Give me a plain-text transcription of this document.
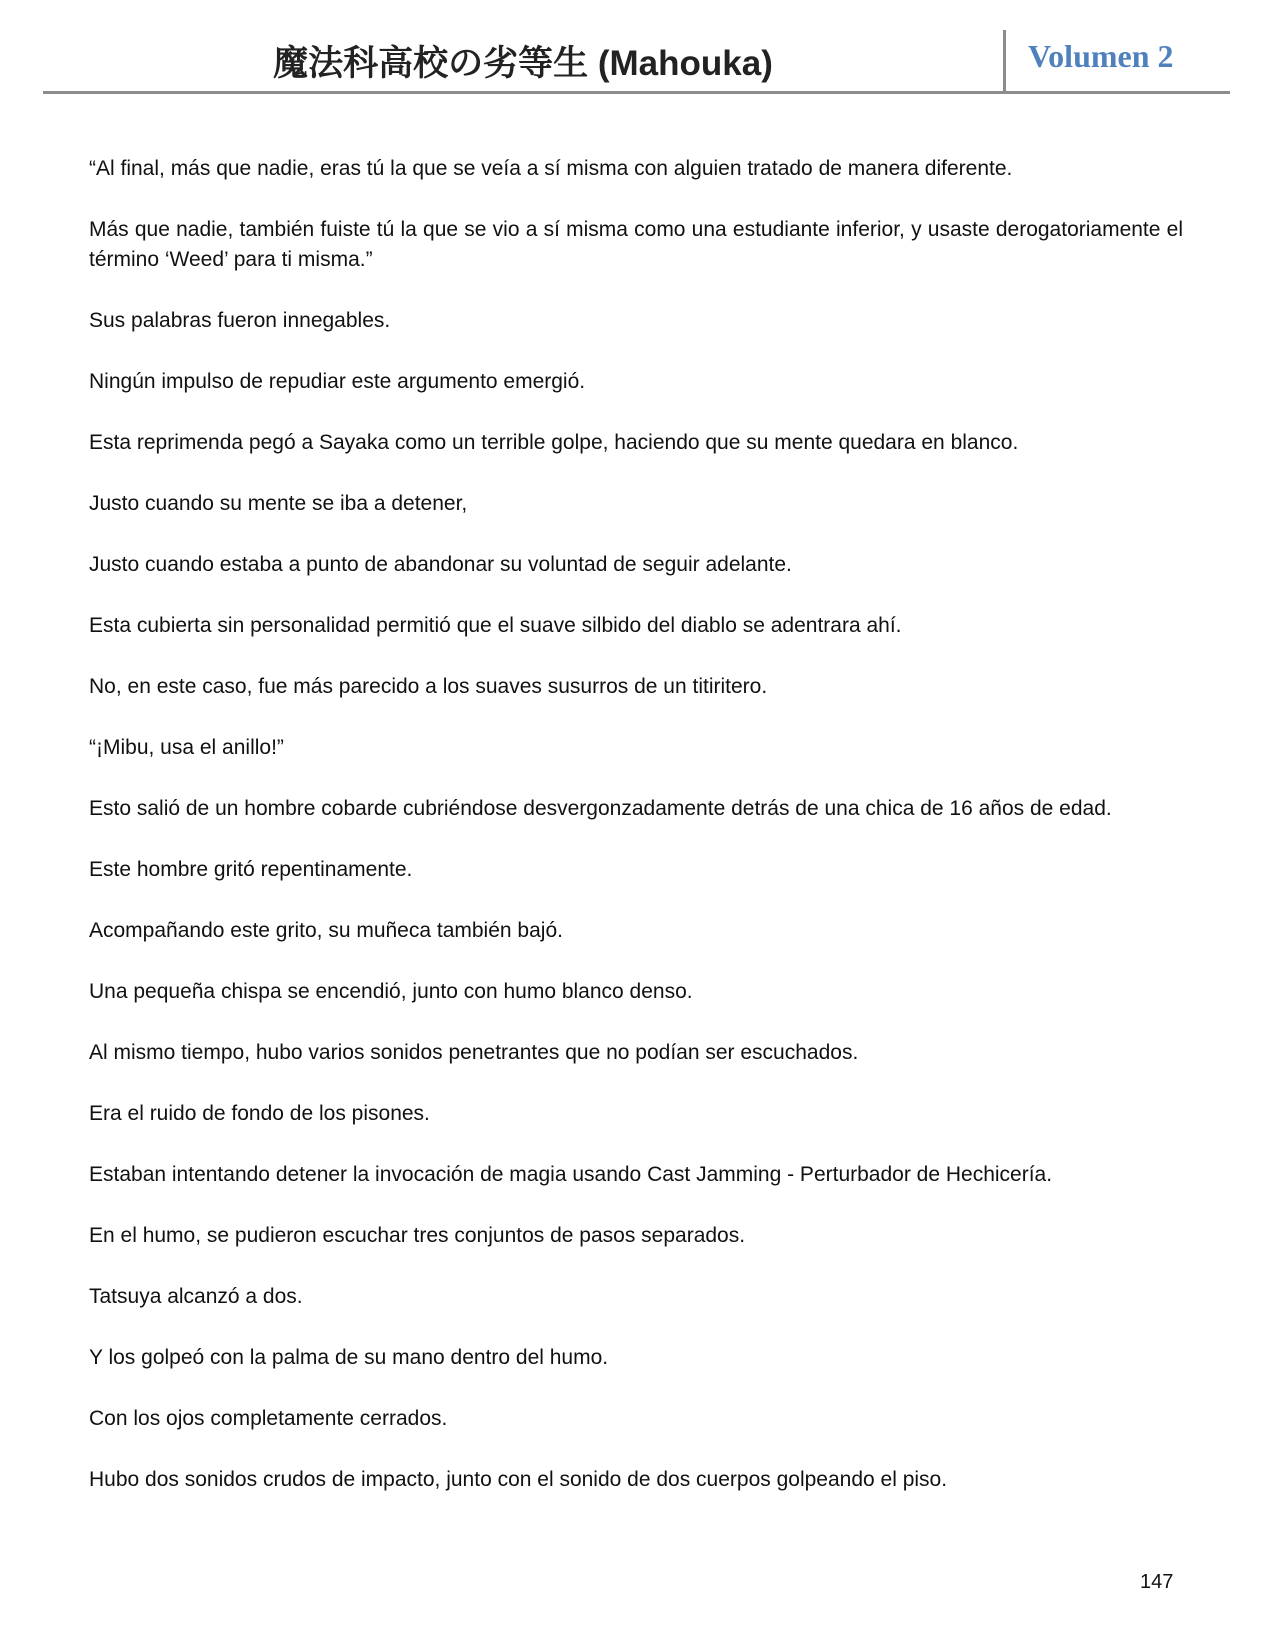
魔法科高校の劣等生 (Mahouka)	Volumen 2

“Al final, más que nadie, eras tú la que se veía a sí misma con alguien tratado de manera diferente.

Más que nadie, también fuiste tú la que se vio a sí misma como una estudiante inferior, y usaste derogatoriamente el término ‘Weed’ para ti misma.”

Sus palabras fueron innegables.

Ningún impulso de repudiar este argumento emergió.

Esta reprimenda pegó a Sayaka como un terrible golpe, haciendo que su mente quedara en blanco.

Justo cuando su mente se iba a detener,

Justo cuando estaba a punto de abandonar su voluntad de seguir adelante.

Esta cubierta sin personalidad permitió que el suave silbido del diablo se adentrara ahí.

No, en este caso, fue más parecido a los suaves susurros de un titiritero.

“¡Mibu, usa el anillo!”

Esto salió de un hombre cobarde cubriéndose desvergonzadamente detrás de una chica de 16 años de edad.

Este hombre gritó repentinamente.

Acompañando este grito, su muñeca también bajó.

Una pequeña chispa se encendió, junto con humo blanco denso.

Al mismo tiempo, hubo varios sonidos penetrantes que no podían ser escuchados.

Era el ruido de fondo de los pisones.

Estaban intentando detener la invocación de magia usando Cast Jamming - Perturbador de Hechicería.

En el humo, se pudieron escuchar tres conjuntos de pasos separados.

Tatsuya alcanzó a dos.

Y los golpeó con la palma de su mano dentro del humo.

Con los ojos completamente cerrados.

Hubo dos sonidos crudos de impacto, junto con el sonido de dos cuerpos golpeando el piso.

147
